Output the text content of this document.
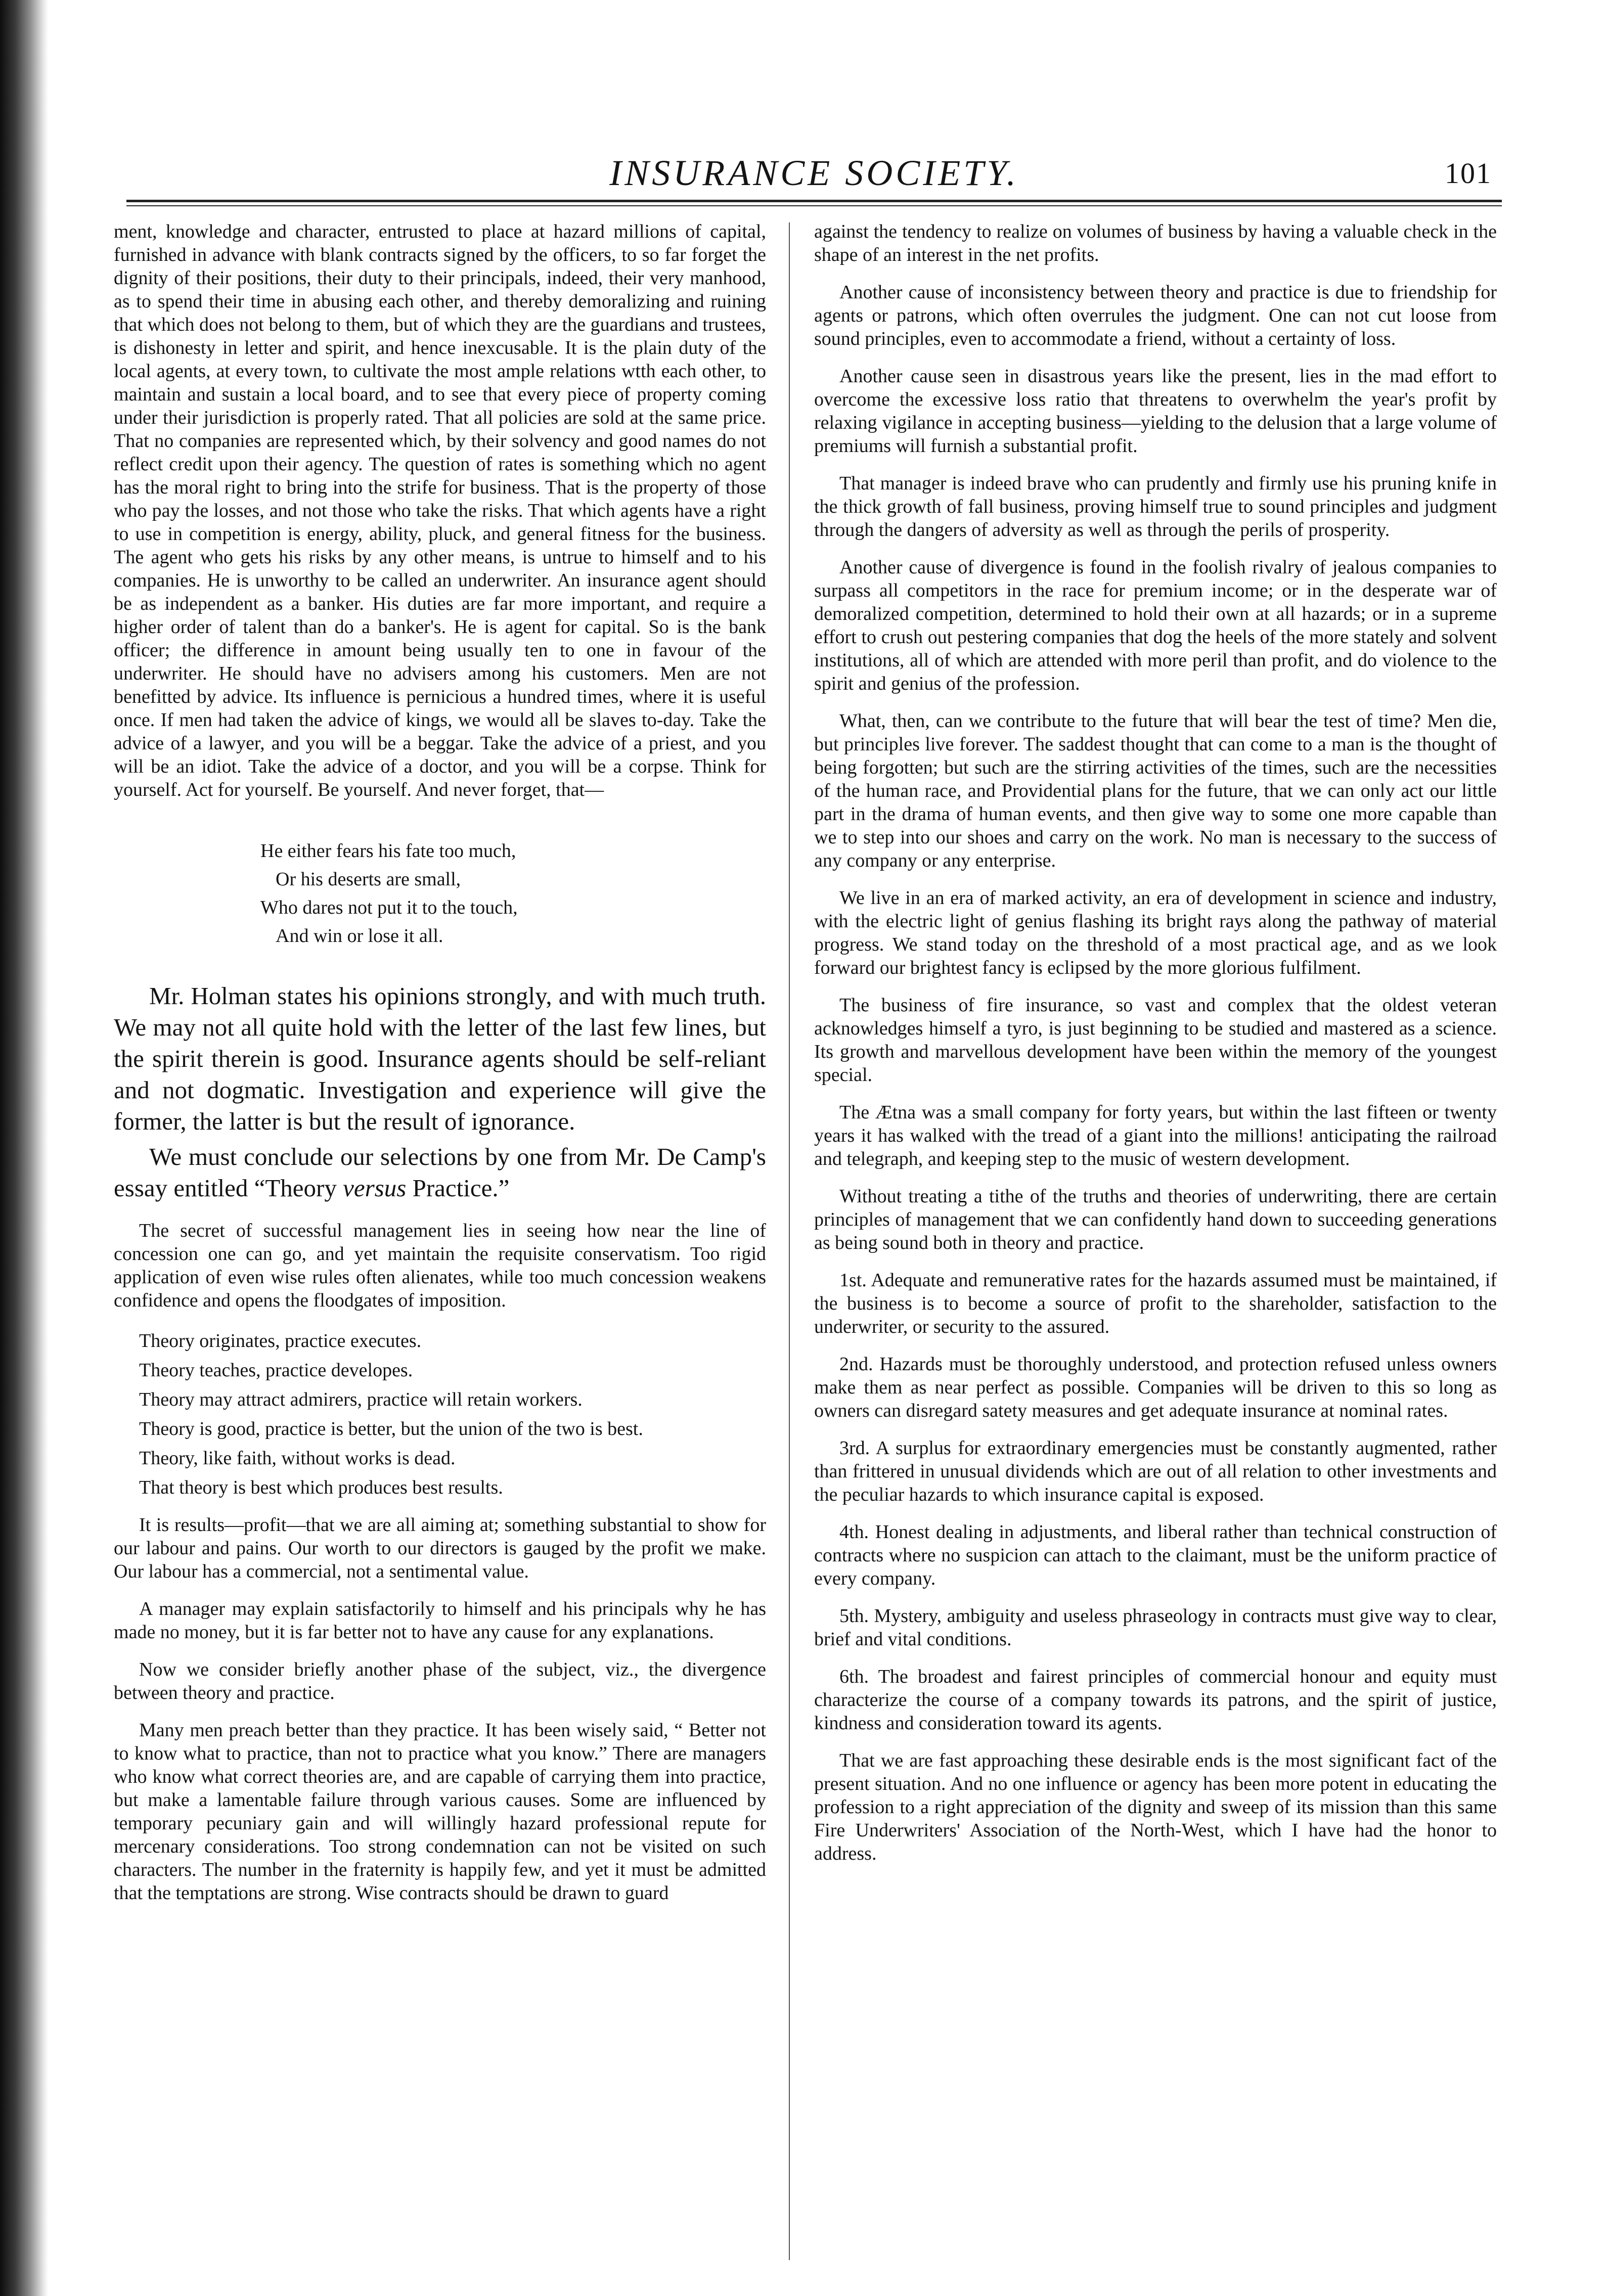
INSURANCE SOCIETY.	101

ment, knowledge and character, entrusted to place at hazard millions of capital, furnished in advance with blank contracts signed by the officers, to so far forget the dignity of their positions, their duty to their principals, indeed, their very manhood, as to spend their time in abusing each other, and thereby demoralizing and ruining that which does not belong to them, but of which they are the guardians and trustees, is dishonesty in letter and spirit, and hence inexcusable. It is the plain duty of the local agents, at every town, to cultivate the most ample relations wtth each other, to maintain and sustain a local board, and to see that every piece of property coming under their jurisdiction is properly rated. That all policies are sold at the same price. That no companies are represented which, by their solvency and good names do not reflect credit upon their agency. The question of rates is something which no agent has the moral right to bring into the strife for business. That is the property of those who pay the losses, and not those who take the risks. That which agents have a right to use in competition is energy, ability, pluck, and general fitness for the business. The agent who gets his risks by any other means, is untrue to himself and to his companies. He is unworthy to be called an underwriter. An insurance agent should be as independent as a banker. His duties are far more important, and require a higher order of talent than do a banker's. He is agent for capital. So is the bank officer; the difference in amount being usually ten to one in favour of the underwriter. He should have no advisers among his customers. Men are not benefitted by advice. Its influence is pernicious a hundred times, where it is useful once. If men had taken the advice of kings, we would all be slaves to-day. Take the advice of a lawyer, and you will be a beggar. Take the advice of a priest, and you will be an idiot. Take the advice of a doctor, and you will be a corpse. Think for yourself. Act for yourself. Be yourself. And never forget, that—

He either fears his fate too much,
Or his deserts are small,
Who dares not put it to the touch,
And win or lose it all.

Mr. Holman states his opinions strongly, and with much truth. We may not all quite hold with the letter of the last few lines, but the spirit therein is good. Insurance agents should be self-reliant and not dogmatic. Investigation and experience will give the former, the latter is but the result of ignorance.

We must conclude our selections by one from Mr. De Camp's essay entitled “Theory versus Practice.”

The secret of successful management lies in seeing how near the line of concession one can go, and yet maintain the requisite conservatism. Too rigid application of even wise rules often alienates, while too much concession weakens confidence and opens the floodgates of imposition.

Theory originates, practice executes.

Theory teaches, practice developes.

Theory may attract admirers, practice will retain workers.

Theory is good, practice is better, but the union of the two is best.

Theory, like faith, without works is dead.

That theory is best which produces best results.

It is results—profit—that we are all aiming at; something substantial to show for our labour and pains. Our worth to our directors is gauged by the profit we make. Our labour has a commercial, not a sentimental value.

A manager may explain satisfactorily to himself and his principals why he has made no money, but it is far better not to have any cause for any explanations.

Now we consider briefly another phase of the subject, viz., the divergence between theory and practice.

Many men preach better than they practice. It has been wisely said, “ Better not to know what to practice, than not to practice what you know.” There are managers who know what correct theories are, and are capable of carrying them into practice, but make a lamentable failure through various causes. Some are influenced by temporary pecuniary gain and will willingly hazard professional repute for mercenary considerations. Too strong condemnation can not be visited on such characters. The number in the fraternity is happily few, and yet it must be admitted that the temptations are strong. Wise contracts should be drawn to guard

against the tendency to realize on volumes of business by having a valuable check in the shape of an interest in the net profits.

Another cause of inconsistency between theory and practice is due to friendship for agents or patrons, which often overrules the judgment. One can not cut loose from sound principles, even to accommodate a friend, without a certainty of loss.

Another cause seen in disastrous years like the present, lies in the mad effort to overcome the excessive loss ratio that threatens to overwhelm the year's profit by relaxing vigilance in accepting business—yielding to the delusion that a large volume of premiums will furnish a substantial profit.

That manager is indeed brave who can prudently and firmly use his pruning knife in the thick growth of fall business, proving himself true to sound principles and judgment through the dangers of adversity as well as through the perils of prosperity.

Another cause of divergence is found in the foolish rivalry of jealous companies to surpass all competitors in the race for premium income; or in the desperate war of demoralized competition, determined to hold their own at all hazards; or in a supreme effort to crush out pestering companies that dog the heels of the more stately and solvent institutions, all of which are attended with more peril than profit, and do violence to the spirit and genius of the profession.

What, then, can we contribute to the future that will bear the test of time? Men die, but principles live forever. The saddest thought that can come to a man is the thought of being forgotten; but such are the stirring activities of the times, such are the necessities of the human race, and Providential plans for the future, that we can only act our little part in the drama of human events, and then give way to some one more capable than we to step into our shoes and carry on the work. No man is necessary to the success of any company or any enterprise.

We live in an era of marked activity, an era of development in science and industry, with the electric light of genius flashing its bright rays along the pathway of material progress. We stand today on the threshold of a most practical age, and as we look forward our brightest fancy is eclipsed by the more glorious fulfilment.

The business of fire insurance, so vast and complex that the oldest veteran acknowledges himself a tyro, is just beginning to be studied and mastered as a science. Its growth and marvellous development have been within the memory of the youngest special.

The Ætna was a small company for forty years, but within the last fifteen or twenty years it has walked with the tread of a giant into the millions! anticipating the railroad and telegraph, and keeping step to the music of western development.

Without treating a tithe of the truths and theories of underwriting, there are certain principles of management that we can confidently hand down to succeeding generations as being sound both in theory and practice.

1st. Adequate and remunerative rates for the hazards assumed must be maintained, if the business is to become a source of profit to the shareholder, satisfaction to the underwriter, or security to the assured.

2nd. Hazards must be thoroughly understood, and protection refused unless owners make them as near perfect as possible. Companies will be driven to this so long as owners can disregard satety measures and get adequate insurance at nominal rates.

3rd. A surplus for extraordinary emergencies must be constantly augmented, rather than frittered in unusual dividends which are out of all relation to other investments and the peculiar hazards to which insurance capital is exposed.

4th. Honest dealing in adjustments, and liberal rather than technical construction of contracts where no suspicion can attach to the claimant, must be the uniform practice of every company.

5th. Mystery, ambiguity and useless phraseology in contracts must give way to clear, brief and vital conditions.

6th. The broadest and fairest principles of commercial honour and equity must characterize the course of a company towards its patrons, and the spirit of justice, kindness and consideration toward its agents.

That we are fast approaching these desirable ends is the most significant fact of the present situation. And no one influence or agency has been more potent in educating the profession to a right appreciation of the dignity and sweep of its mission than this same Fire Underwriters' Association of the North-West, which I have had the honor to address.
